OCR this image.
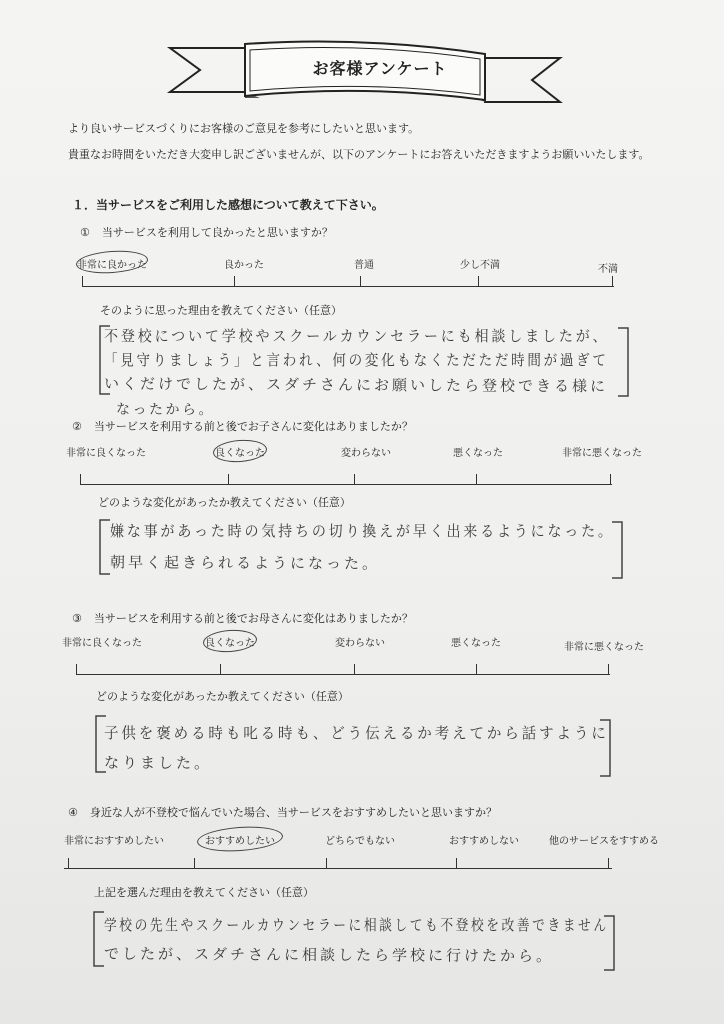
お客様アンケート
より良いサービスづくりにお客様のご意見を参考にしたいと思います。
貴重なお時間をいただき大変申し訳ございませんが、以下のアンケートにお答えいただきますようお願いいたします。
１．当サービスをご利用した感想について教えて下さい。
① 当サービスを利用して良かったと思いますか？
非常に良かった	良かった	普通	少し不満	不満
そのように思った理由を教えてください（任意）
不登校について学校やスクールカウンセラーにも相談しましたが、
「見守りましょう」と言われ、何の変化もなくただただ時間が過ぎて
いくだけでしたが、スダチさんにお願いしたら登校できる様に
なったから。
② 当サービスを利用する前と後でお子さんに変化はありましたか？
非常に良くなった	良くなった	変わらない	悪くなった	非常に悪くなった
どのような変化があったか教えてください（任意）
嫌な事があった時の気持ちの切り換えが早く出来るようになった。
朝早く起きられるようになった。
③ 当サービスを利用する前と後でお母さんに変化はありましたか？
非常に良くなった	良くなった	変わらない	悪くなった	非常に悪くなった
どのような変化があったか教えてください（任意）
子供を褒める時も叱る時も、どう伝えるか考えてから話すように
なりました。
④ 身近な人が不登校で悩んでいた場合、当サービスをおすすめしたいと思いますか？
非常におすすめしたい	おすすめしたい	どちらでもない	おすすめしない	他のサービスをすすめる
上記を選んだ理由を教えてください（任意）
学校の先生やスクールカウンセラーに相談しても不登校を改善できません
でしたが、スダチさんに相談したら学校に行けたから。
